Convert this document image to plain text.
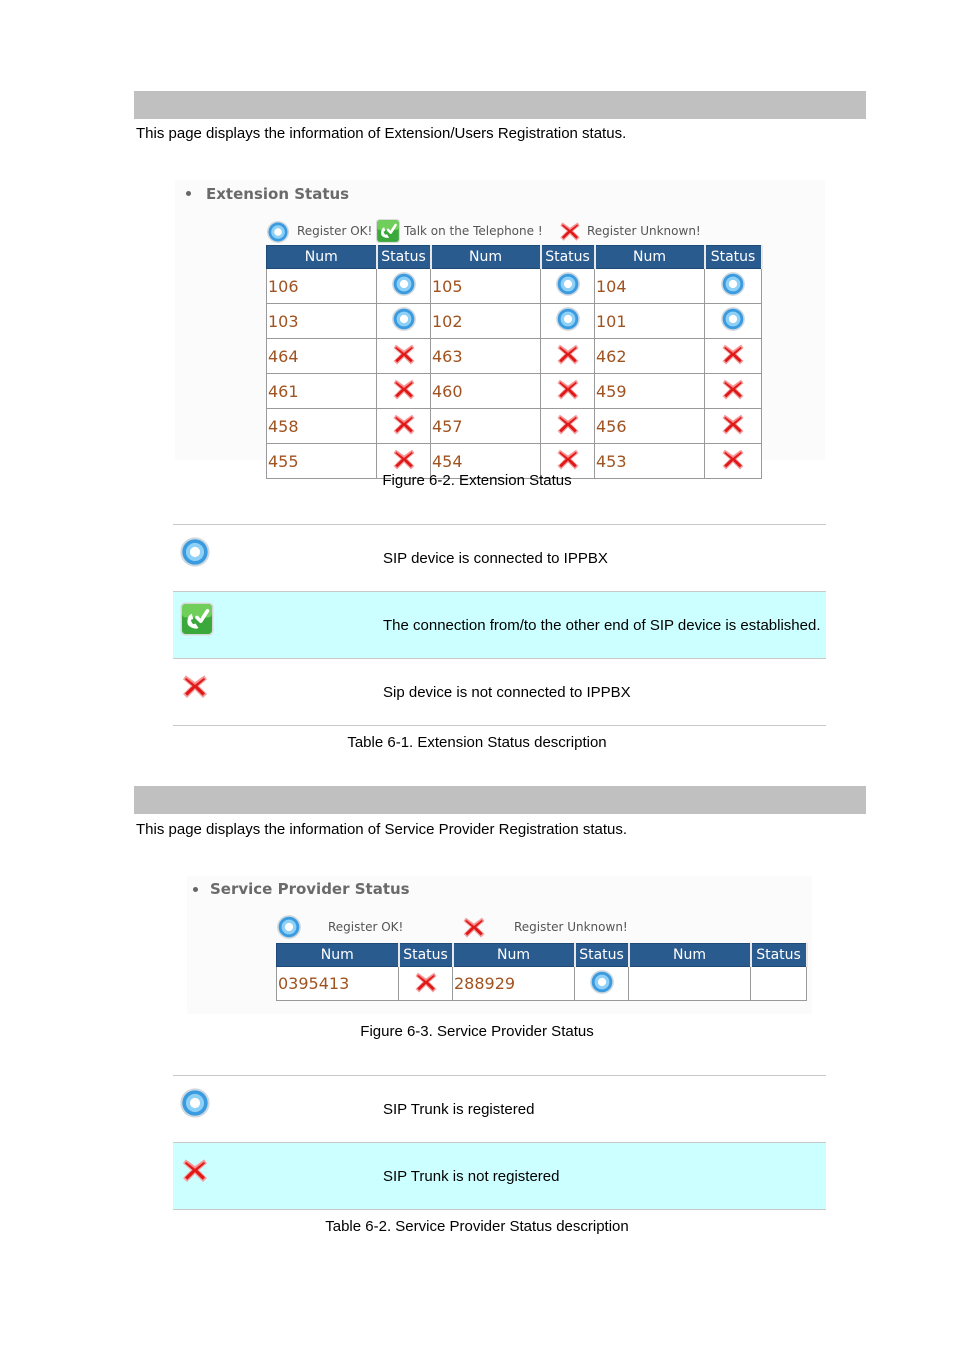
This page displays the information of Extension/Users Registration status.
Extension Status
Register OK!	Talk on the Telephone !	Register Unknown!
Num	Status	Num	Status	Num	Status
106		105		104	
103		102		101	
464		463		462	
461		460		459	
458		457		456	
455		454		453	
Figure 6-2. Extension Status
	SIP device is connected to IPPBX
	The connection from/to the other end of SIP device is established.
	Sip device is not connected to IPPBX
Table 6-1. Extension Status description
This page displays the information of Service Provider Registration status.
Service Provider Status
Register OK!	Register Unknown!
Num	Status	Num	Status	Num	Status
0395413		288929			
Figure 6-3. Service Provider Status
	SIP Trunk is registered
	SIP Trunk is not registered
Table 6-2. Service Provider Status description
